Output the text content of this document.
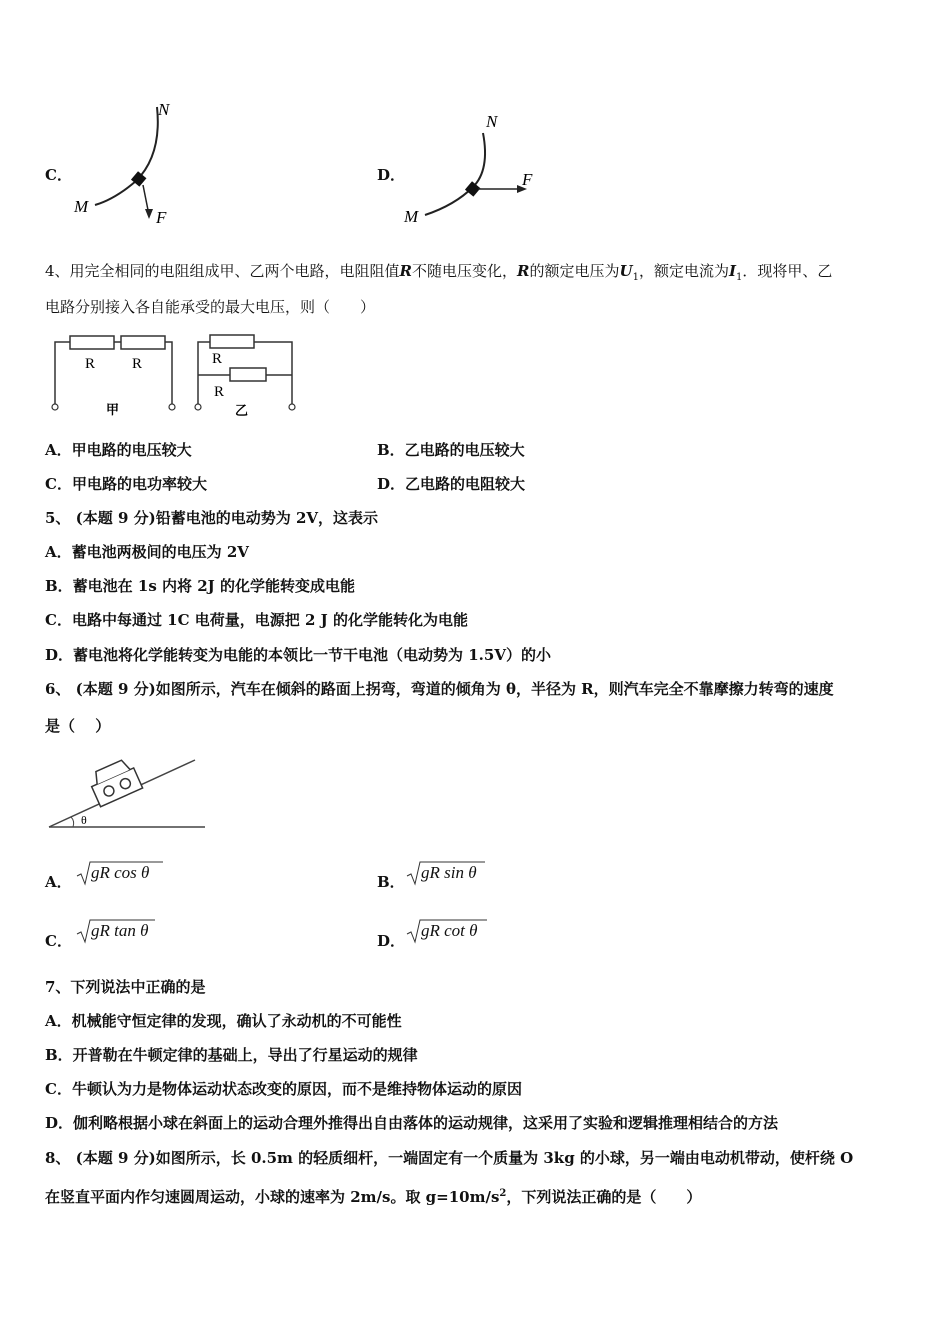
C．
N
M
F
D．
N
M
F
4、用完全相同的电阻组成甲、乙两个电路，电阻阻值R不随电压变化，R的额定电压为$U_1$，额定电流为$I_1$．现将甲、乙
电路分别接入各自能承受的最大电压，则（　　）
R R
甲
R
R
乙
A．甲电路的电压较大	B．乙电路的电压较大
C．甲电路的电功率较大	D．乙电路的电阻较大
5、 (本题 9 分)铅蓄电池的电动势为 2V，这表示
A．蓄电池两极间的电压为 2V
B．蓄电池在 1s 内将 2J 的化学能转变成电能
C．电路中每通过 1C 电荷量，电源把 2 J 的化学能转化为电能
D．蓄电池将化学能转变为电能的本领比一节干电池（电动势为 1.5V）的小
6、 (本题 9 分)如图所示，汽车在倾斜的路面上拐弯，弯道的倾角为 θ，半径为 R，则汽车完全不靠摩擦力转弯的速度
是（　 ）
θ
A． gR cos θ	B． gR sin θ
C．
gR tan θ
D．
gR cot θ
7、下列说法中正确的是
A．机械能守恒定律的发现，确认了永动机的不可能性
B．开普勒在牛顿定律的基础上，导出了行星运动的规律
C．牛顿认为力是物体运动状态改变的原因，而不是维持物体运动的原因
D．伽利略根据小球在斜面上的运动合理外推得出自由落体的运动规律，这采用了实验和逻辑推理相结合的方法
8、 (本题 9 分)如图所示，长 0.5m 的轻质细杆，一端固定有一个质量为 3kg 的小球，另一端由电动机带动，使杆绕 O
在竖直平面内作匀速圆周运动，小球的速率为 2m/s。取 $g=10m/s^2$，下列说法正确的是（　　）
